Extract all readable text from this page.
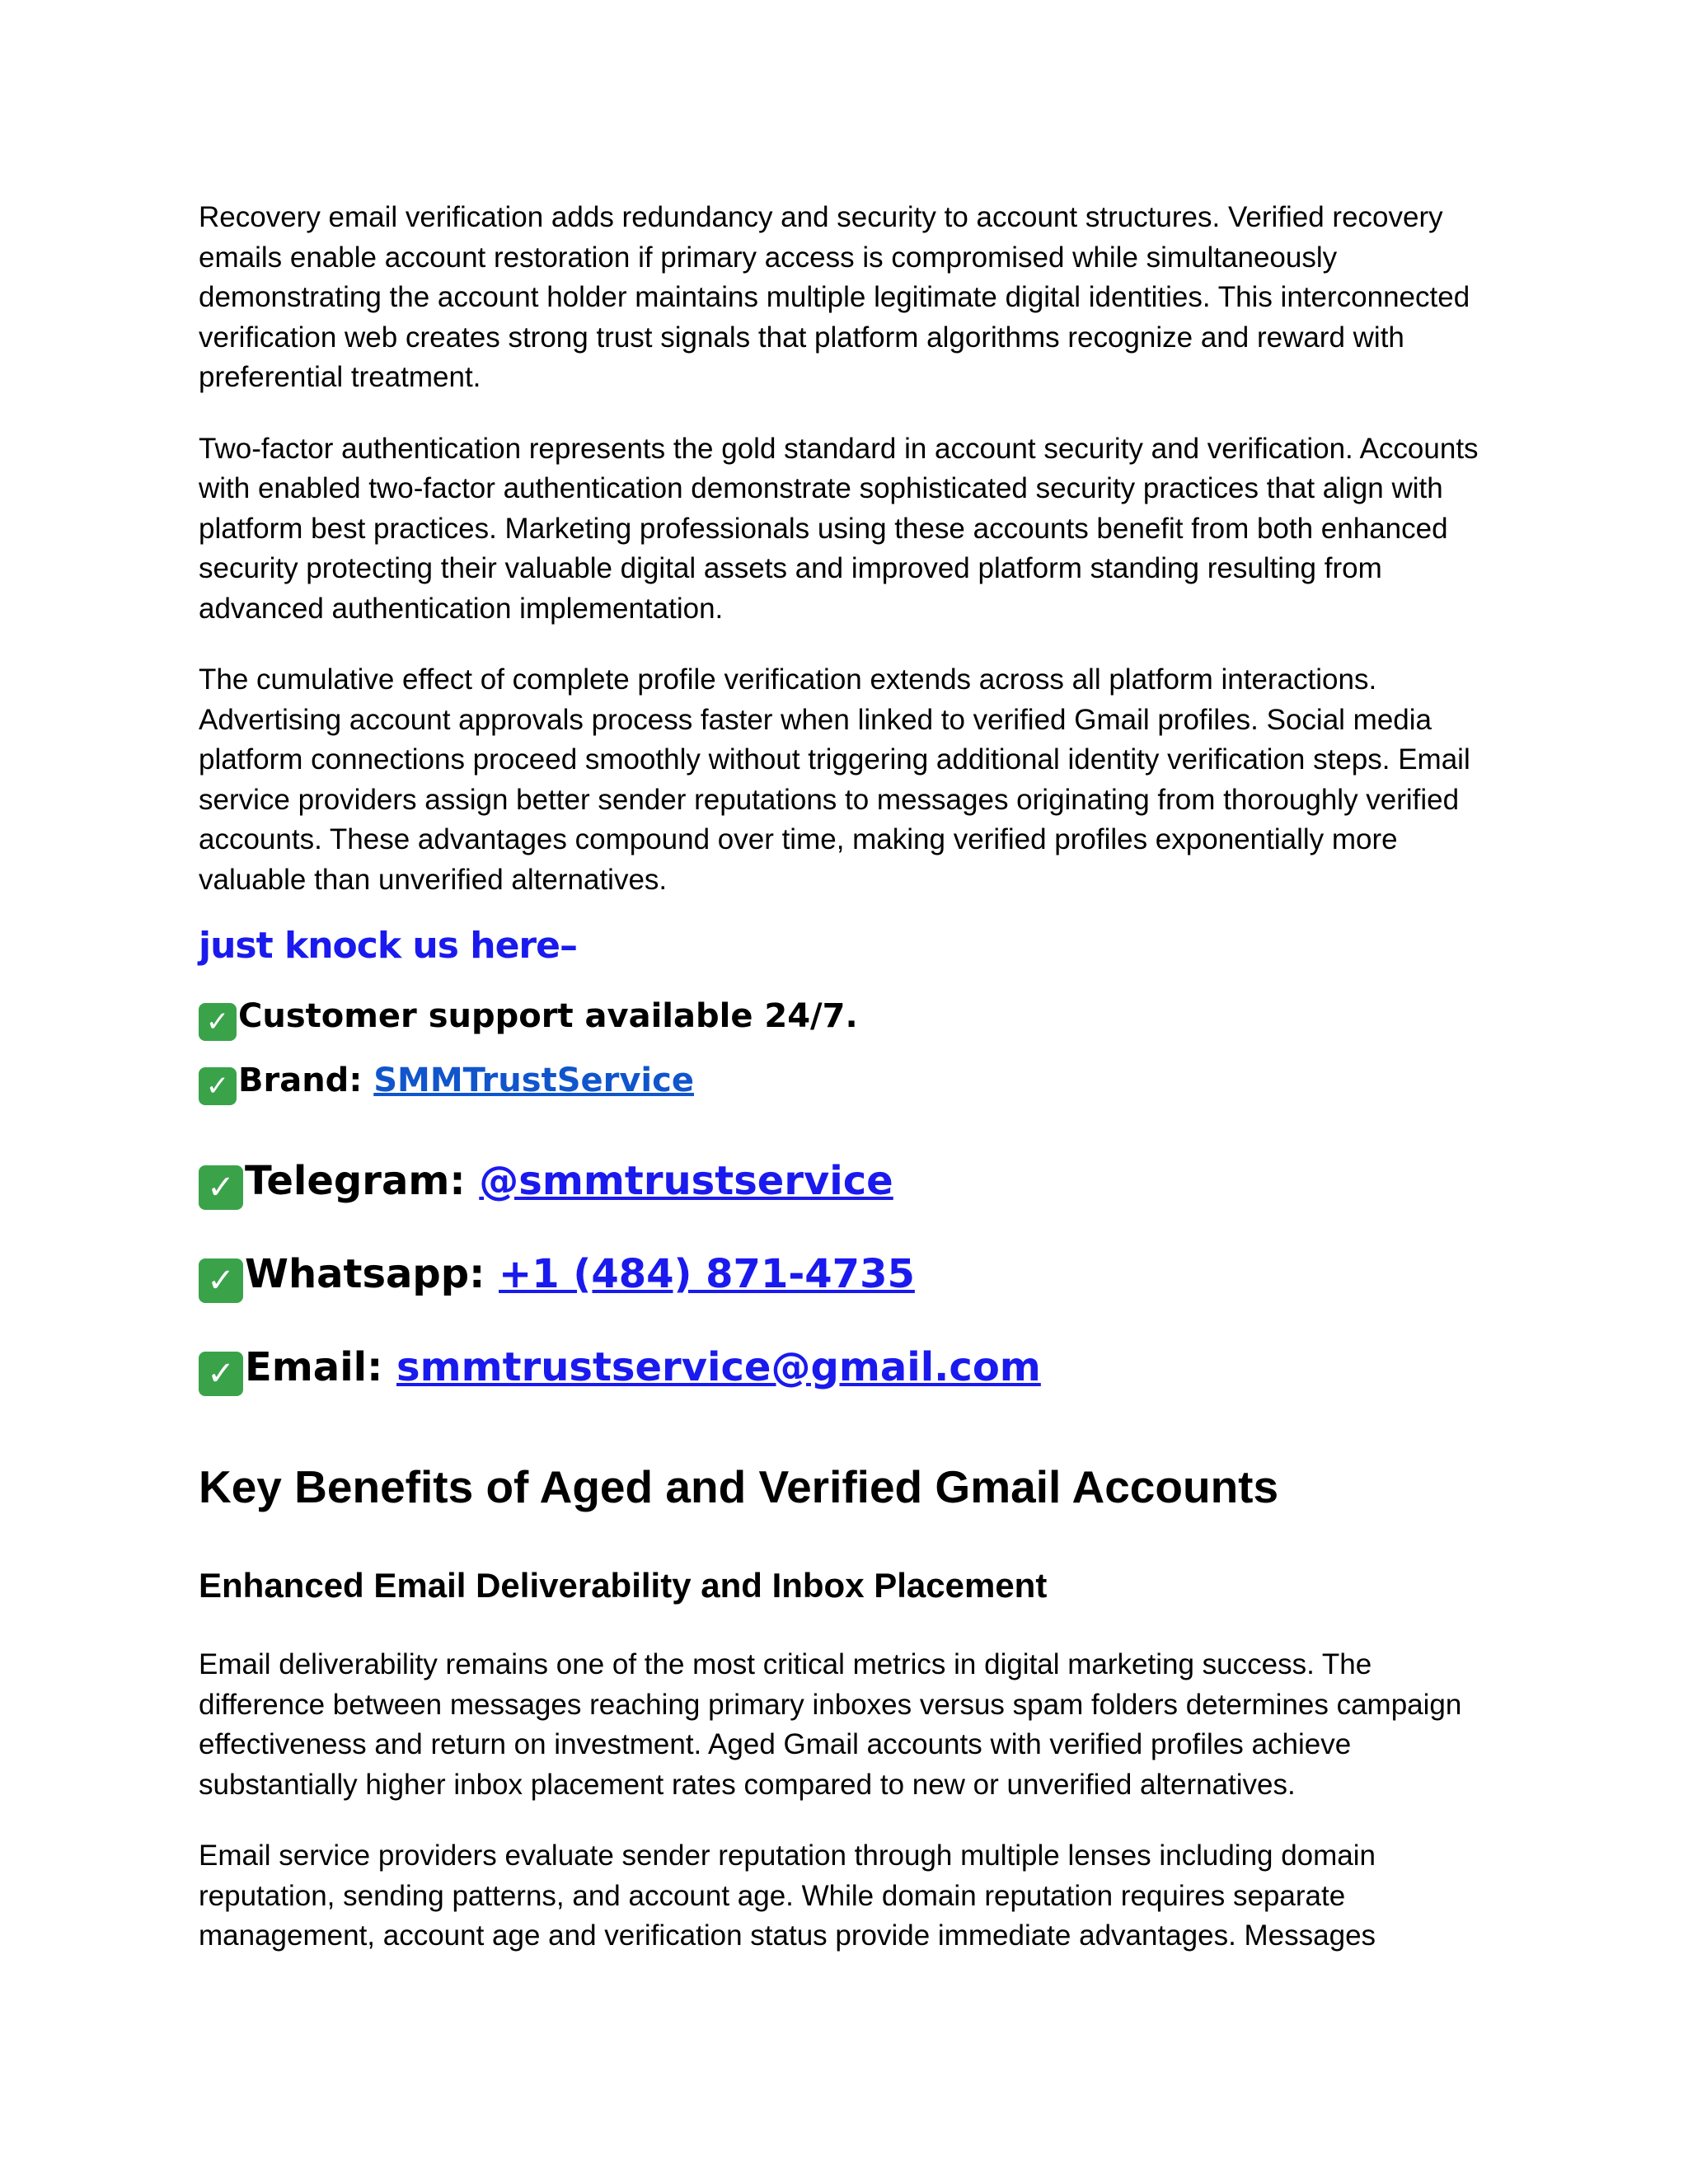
Recovery email verification adds redundancy and security to account structures. Verified recovery emails enable account restoration if primary access is compromised while simultaneously demonstrating the account holder maintains multiple legitimate digital identities. This interconnected verification web creates strong trust signals that platform algorithms recognize and reward with preferential treatment.

Two-factor authentication represents the gold standard in account security and verification. Accounts with enabled two-factor authentication demonstrate sophisticated security practices that align with platform best practices. Marketing professionals using these accounts benefit from both enhanced security protecting their valuable digital assets and improved platform standing resulting from advanced authentication implementation.

The cumulative effect of complete profile verification extends across all platform interactions. Advertising account approvals process faster when linked to verified Gmail profiles. Social media platform connections proceed smoothly without triggering additional identity verification steps. Email service providers assign better sender reputations to messages originating from thoroughly verified accounts. These advantages compound over time, making verified profiles exponentially more valuable than unverified alternatives.

just knock us here–

✓ Customer support available 24/7.

✓ Brand: SMMTrustService

✓ Telegram: @smmtrustservice

✓ Whatsapp: +1 (484) 871-4735

✓ Email: smmtrustservice@gmail.com

Key Benefits of Aged and Verified Gmail Accounts
Enhanced Email Deliverability and Inbox Placement

Email deliverability remains one of the most critical metrics in digital marketing success. The difference between messages reaching primary inboxes versus spam folders determines campaign effectiveness and return on investment. Aged Gmail accounts with verified profiles achieve substantially higher inbox placement rates compared to new or unverified alternatives.

Email service providers evaluate sender reputation through multiple lenses including domain reputation, sending patterns, and account age. While domain reputation requires separate management, account age and verification status provide immediate advantages. Messages
